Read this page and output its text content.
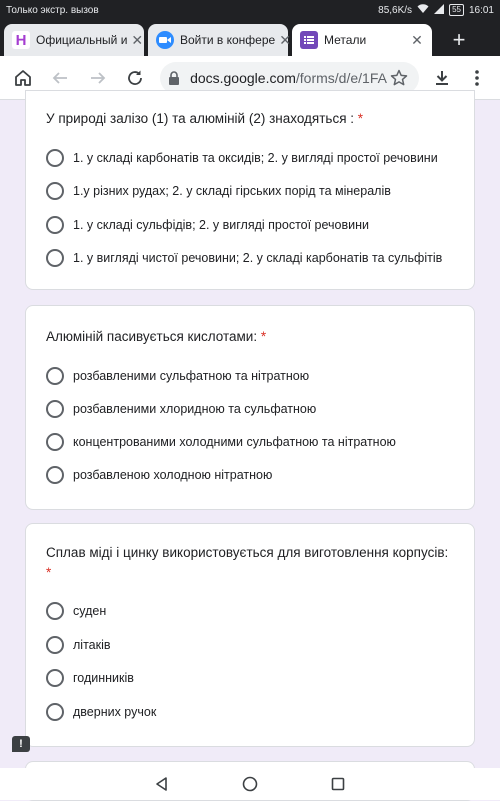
Только экстр. вызов	85,6K/s	55 16:01
H Официальный и ✕	Войти в конфере ✕	Метали	✕ +
docs.google.com/forms/d/e/1FA
У природі залізо (1) та алюміній (2) знаходяться : *
1. у складі карбонатів та оксидів; 2. у вигляді простої речовини
1.у різних рудах; 2. у складі гірських порід та мінералів
1. у складі сульфідів; 2. у вигляді простої речовини
1. у вигляді чистої речовини; 2. у складі карбонатів та сульфітів
Алюміній пасивується кислотами: *
розбавленими сульфатною та нітратною
розбавленими хлоридною та сульфатною
концентрованими холодними сульфатною та нітратною
розбавленою холодною нітратною
Сплав міді і цинку використовується для виготовлення корпусів: *
суден
літаків
годинників
дверних ручок
!
